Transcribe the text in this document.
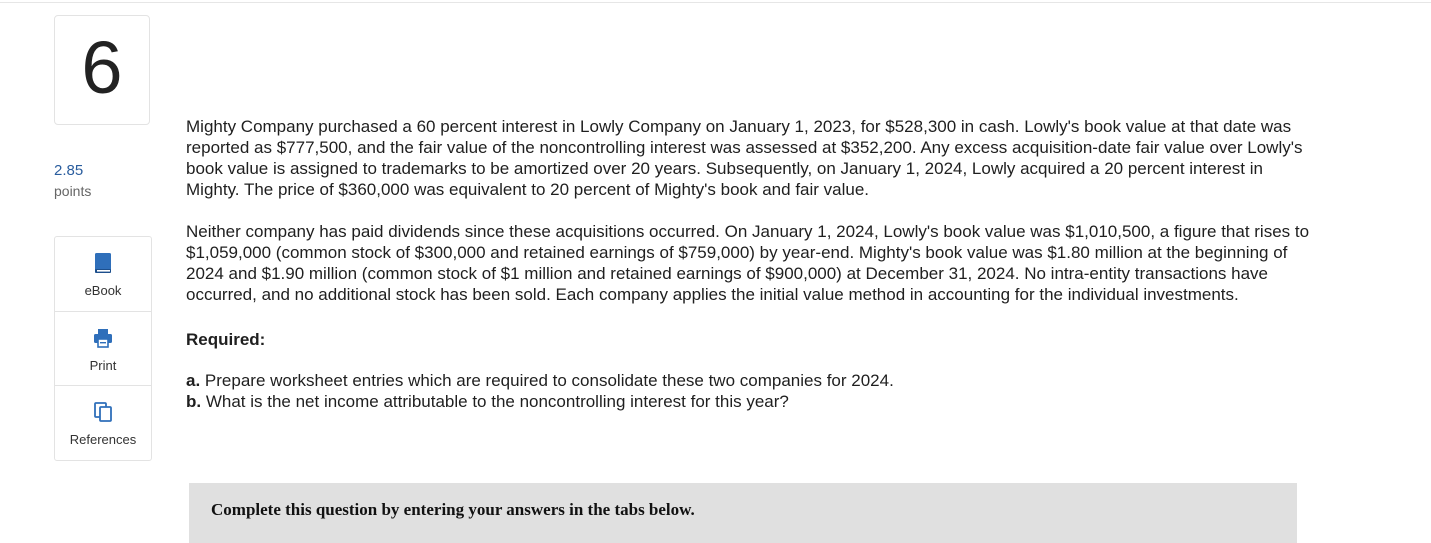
6
2.85
points
eBook
Print
References

Mighty Company purchased a 60 percent interest in Lowly Company on January 1, 2023, for $528,300 in cash. Lowly's book value at that date was reported as $777,500, and the fair value of the noncontrolling interest was assessed at $352,200. Any excess acquisition-date fair value over Lowly's book value is assigned to trademarks to be amortized over 20 years. Subsequently, on January 1, 2024, Lowly acquired a 20 percent interest in Mighty. The price of $360,000 was equivalent to 20 percent of Mighty's book and fair value.

Neither company has paid dividends since these acquisitions occurred. On January 1, 2024, Lowly's book value was $1,010,500, a figure that rises to $1,059,000 (common stock of $300,000 and retained earnings of $759,000) by year-end. Mighty's book value was $1.80 million at the beginning of 2024 and $1.90 million (common stock of $1 million and retained earnings of $900,000) at December 31, 2024. No intra-entity transactions have occurred, and no additional stock has been sold. Each company applies the initial value method in accounting for the individual investments.

Required:
a. Prepare worksheet entries which are required to consolidate these two companies for 2024.
b. What is the net income attributable to the noncontrolling interest for this year?
Complete this question by entering your answers in the tabs below.
